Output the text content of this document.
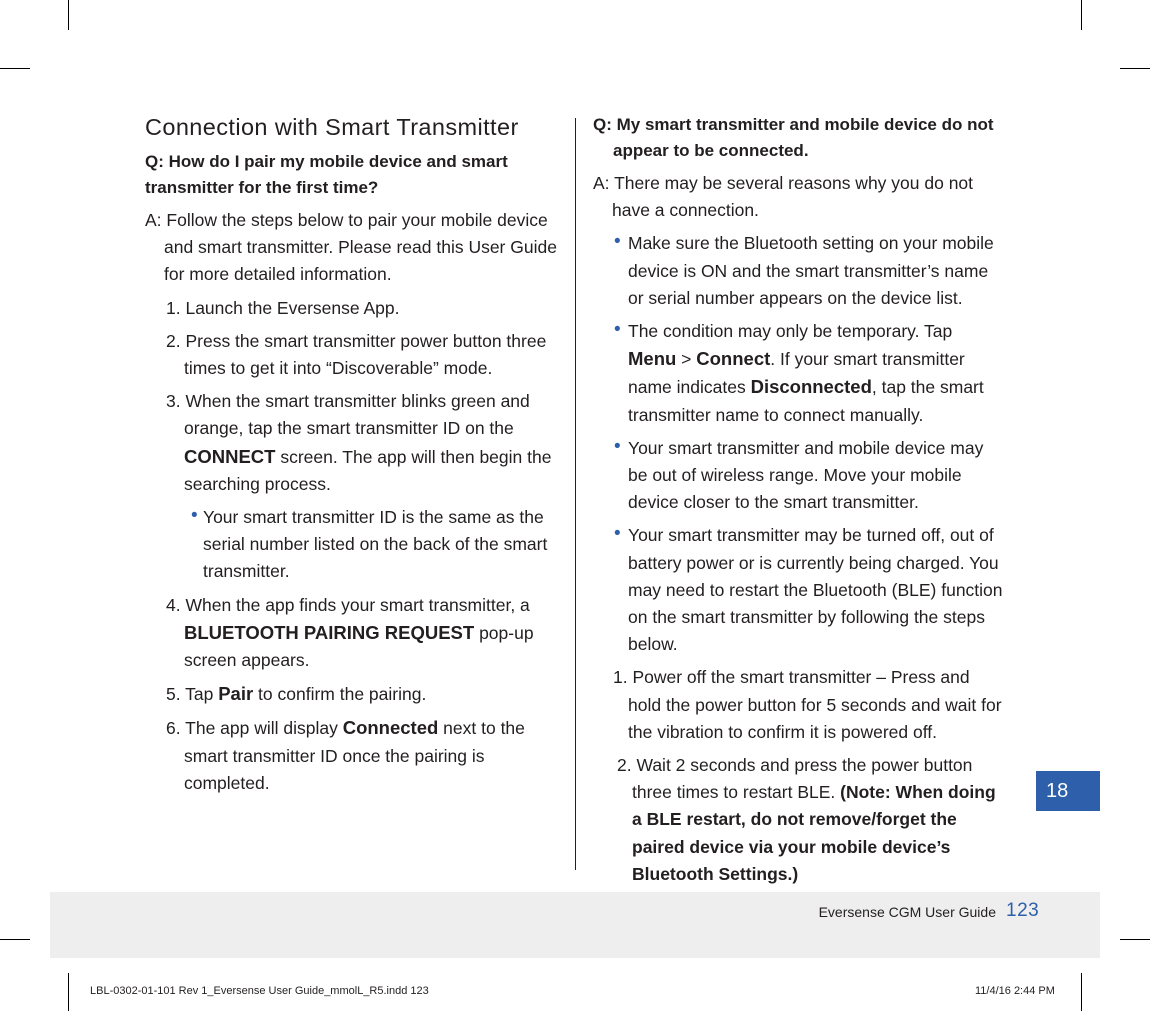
Connection with Smart Transmitter
Q: How do I pair my mobile device and smart transmitter for the first time?
A: Follow the steps below to pair your mobile device and smart transmitter. Please read this User Guide for more detailed information.
1. Launch the Eversense App.
2. Press the smart transmitter power button three times to get it into “Discoverable” mode.
3. When the smart transmitter blinks green and orange, tap the smart transmitter ID on the CONNECT screen. The app will then begin the searching process.
• Your smart transmitter ID is the same as the serial number listed on the back of the smart transmitter.
4. When the app finds your smart transmitter, a BLUETOOTH PAIRING REQUEST pop-up screen appears.
5. Tap Pair to confirm the pairing.
6. The app will display Connected next to the smart transmitter ID once the pairing is completed.
Q: My smart transmitter and mobile device do not appear to be connected.
A: There may be several reasons why you do not have a connection.
• Make sure the Bluetooth setting on your mobile device is ON and the smart transmitter’s name or serial number appears on the device list.
• The condition may only be temporary. Tap Menu > Connect. If your smart transmitter name indicates Disconnected, tap the smart transmitter name to connect manually.
• Your smart transmitter and mobile device may be out of wireless range. Move your mobile device closer to the smart transmitter.
• Your smart transmitter may be turned off, out of battery power or is currently being charged. You may need to restart the Bluetooth (BLE) function on the smart transmitter by following the steps below.
1. Power off the smart transmitter – Press and hold the power button for 5 seconds and wait for the vibration to confirm it is powered off.
2. Wait 2 seconds and press the power button three times to restart BLE. (Note: When doing a BLE restart, do not remove/forget the paired device via your mobile device’s Bluetooth Settings.)
18
Eversense CGM User Guide 123
LBL-0302-01-101 Rev 1_Eversense User Guide_mmolL_R5.indd 123	11/4/16 2:44 PM
